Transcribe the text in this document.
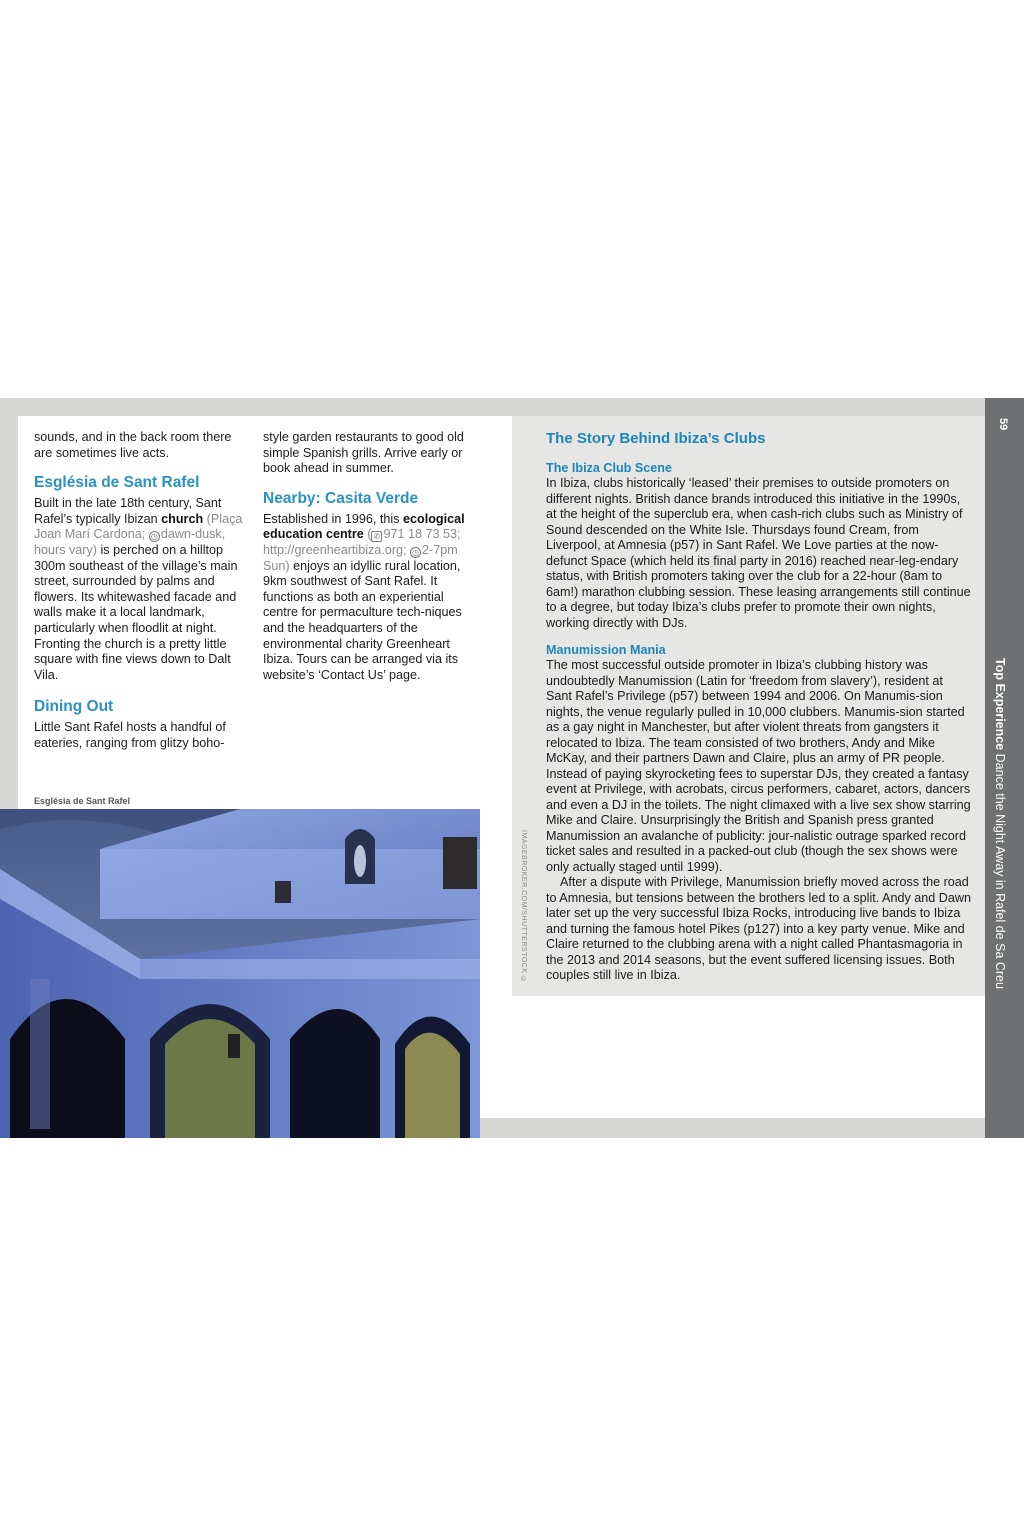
sounds, and in the back room there are sometimes live acts.

Església de Sant Rafel

Built in the late 18th century, Sant Rafel’s typically Ibizan church (Plaça Joan Marí Cardona; ◷ dawn-dusk, hours vary) is perched on a hilltop 300m southeast of the village’s main street, surrounded by palms and flowers. Its whitewashed facade and walls make it a local landmark, particularly when floodlit at night. Fronting the church is a pretty little square with fine views down to Dalt Vila.

Dining Out

Little Sant Rafel hosts a handful of eateries, ranging from glitzy boho-

style garden restaurants to good old simple Spanish grills. Arrive early or book ahead in summer.

Nearby: Casita Verde

Established in 1996, this ecological education centre ( ✆ 971 18 73 53; http://greenheartibiza.org; ◷ 2-7pm Sun) enjoys an idyllic rural location, 9km southwest of Sant Rafel. It functions as both an experiential centre for permaculture tech-niques and the headquarters of the environmental charity Greenheart Ibiza. Tours can be arranged via its website’s ‘Contact Us’ page.

Església de Sant Rafel
IMAGEBROKER.COM/SHUTTERSTOCK ©
The Story Behind Ibiza’s Clubs
The Ibiza Club Scene

In Ibiza, clubs historically ‘leased’ their premises to outside promoters on different nights. British dance brands introduced this initiative in the 1990s, at the height of the superclub era, when cash-rich clubs such as Ministry of Sound descended on the White Isle. Thursdays found Cream, from Liverpool, at Amnesia (p57) in Sant Rafel. We Love parties at the now-defunct Space (which held its final party in 2016) reached near-leg-endary status, with British promoters taking over the club for a 22-hour (8am to 6am!) marathon clubbing session. These leasing arrangements still continue to a degree, but today Ibiza’s clubs prefer to promote their own nights, working directly with DJs.

Manumission Mania

The most successful outside promoter in Ibiza’s clubbing history was undoubtedly Manumission (Latin for ‘freedom from slavery’), resident at Sant Rafel’s Privilege (p57) between 1994 and 2006. On Manumis-sion nights, the venue regularly pulled in 10,000 clubbers. Manumis-sion started as a gay night in Manchester, but after violent threats from gangsters it relocated to Ibiza. The team consisted of two brothers, Andy and Mike McKay, and their partners Dawn and Claire, plus an army of PR people. Instead of paying skyrocketing fees to superstar DJs, they created a fantasy event at Privilege, with acrobats, circus performers, cabaret, actors, dancers and even a DJ in the toilets. The night climaxed with a live sex show starring Mike and Claire. Unsurprisingly the British and Spanish press granted Manumission an avalanche of publicity: jour-nalistic outrage sparked record ticket sales and resulted in a packed-out club (though the sex shows were only actually staged until 1999).

After a dispute with Privilege, Manumission briefly moved across the road to Amnesia, but tensions between the brothers led to a split. Andy and Dawn later set up the very successful Ibiza Rocks, introducing live bands to Ibiza and turning the famous hotel Pikes (p127) into a key party venue. Mike and Claire returned to the clubbing arena with a night called Phantasmagoria in the 2013 and 2014 seasons, but the event suffered licensing issues. Both couples still live in Ibiza.

59
Top Experience Dance the Night Away in Rafel de Sa Creu
